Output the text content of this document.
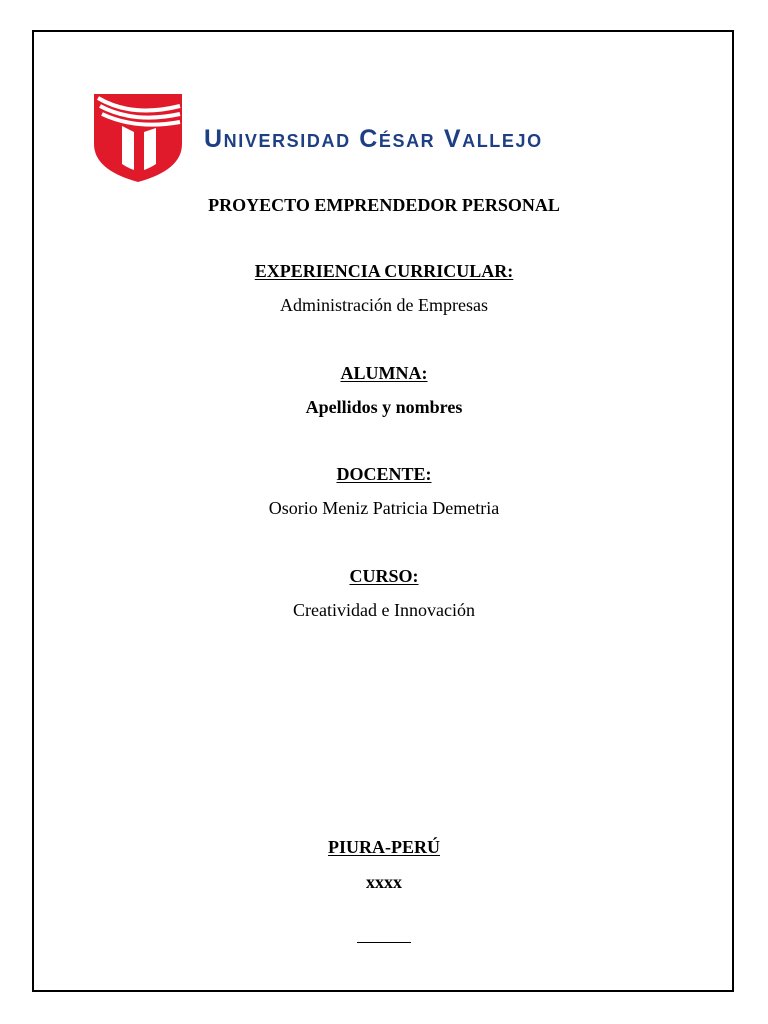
Universidad César Vallejo
PROYECTO EMPRENDEDOR PERSONAL
EXPERIENCIA CURRICULAR:
Administración de Empresas
ALUMNA:
Apellidos y nombres
DOCENTE:
Osorio Meniz Patricia Demetria
CURSO:
Creatividad e Innovación
PIURA-PERÚ
xxxx
